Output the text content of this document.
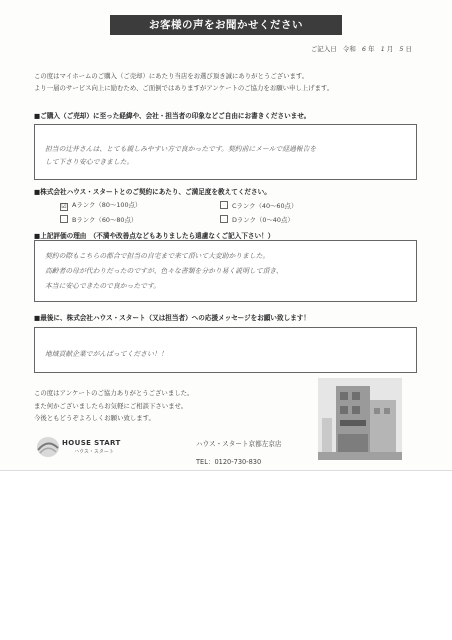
お客様の声をお聞かせください
ご記入日 令和 6 年 1 月 5 日
この度はマイホームのご購入（ご売却）にあたり当店をお選び頂き誠にありがとうございます。
より一層のサービス向上に励むため、ご面倒ではありますがアンケートのご協力をお願い申し上げます。
■ご購入（ご売却）に至った経緯や、会社・担当者の印象などご自由にお書きくださいませ。
担当の辻井さんは、とても親しみやすい方で良かったです。契約前にメールで経過報告を
して下さり安心できました。
■株式会社ハウス・スタートとのご契約にあたり、ご満足度を教えてください。
☑ Aランク（80～100点）	Cランク（40～60点）
Bランク（60～80点）	Dランク（0～40点）
■上記評価の理由　（不満や改善点などもありましたら遠慮なくご記入下さい！）
契約の際もこちらの都合で担当の自宅まで来て頂いて大変助かりました。
高齢者の母が代わりだったのですが、色々な書類を分かり易く説明して頂き、
本当に安心できたので良かったです。
■最後に、株式会社ハウス・スタート（又は担当者）への応援メッセージをお願い致します！
地域貢献企業でがんばってください！！
この度はアンケートのご協力ありがとうございました。
また何かございましたらお気軽にご相談下さいませ。
今後ともどうぞよろしくお願い致します。
HOUSE START
ハウス・スタート
ハウス・スタート京都左京店
TEL：0120-730-830
